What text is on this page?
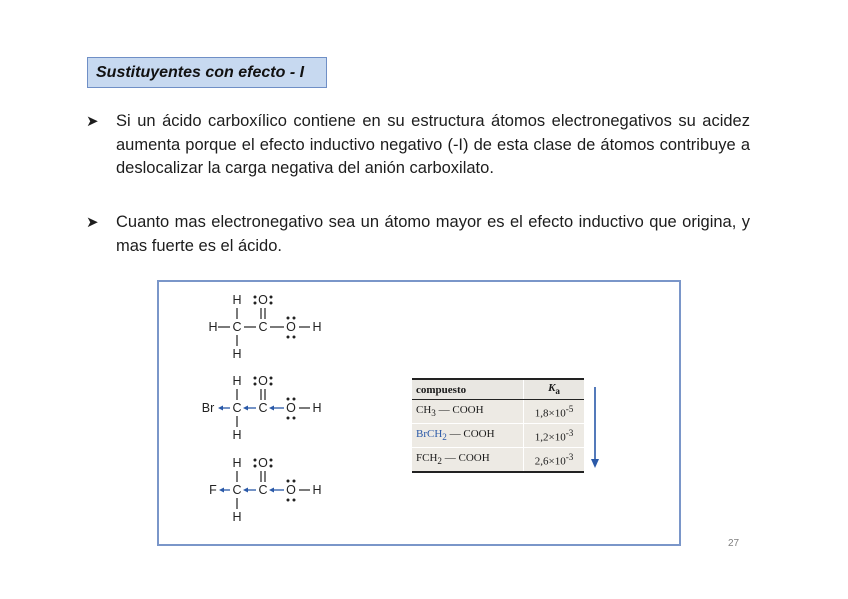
Sustituyentes con efecto - I
➤	Si un ácido carboxílico contiene en su estructura átomos electronegativos su acidez aumenta porque el efecto inductivo negativo (-I) de esta clase de átomos contribuye a deslocalizar la carga negativa del anión carboxilato.
➤	Cuanto mas electronegativo sea un átomo mayor es el efecto inductivo que origina, y mas fuerte es el ácido.
C
H
H
H	C
O
O H
C
H
H
Br	C
O
O H
C
H
H
F	C
O
O H
compuesto	$K_a$
$CH_3$ — COOH	$1,8\times 10^{-5}$
BrCH$_2$ — COOH	$1,2\times 10^{-3}$
$FCH_2$ — COOH	$2,6\times 10^{-3}$
27
